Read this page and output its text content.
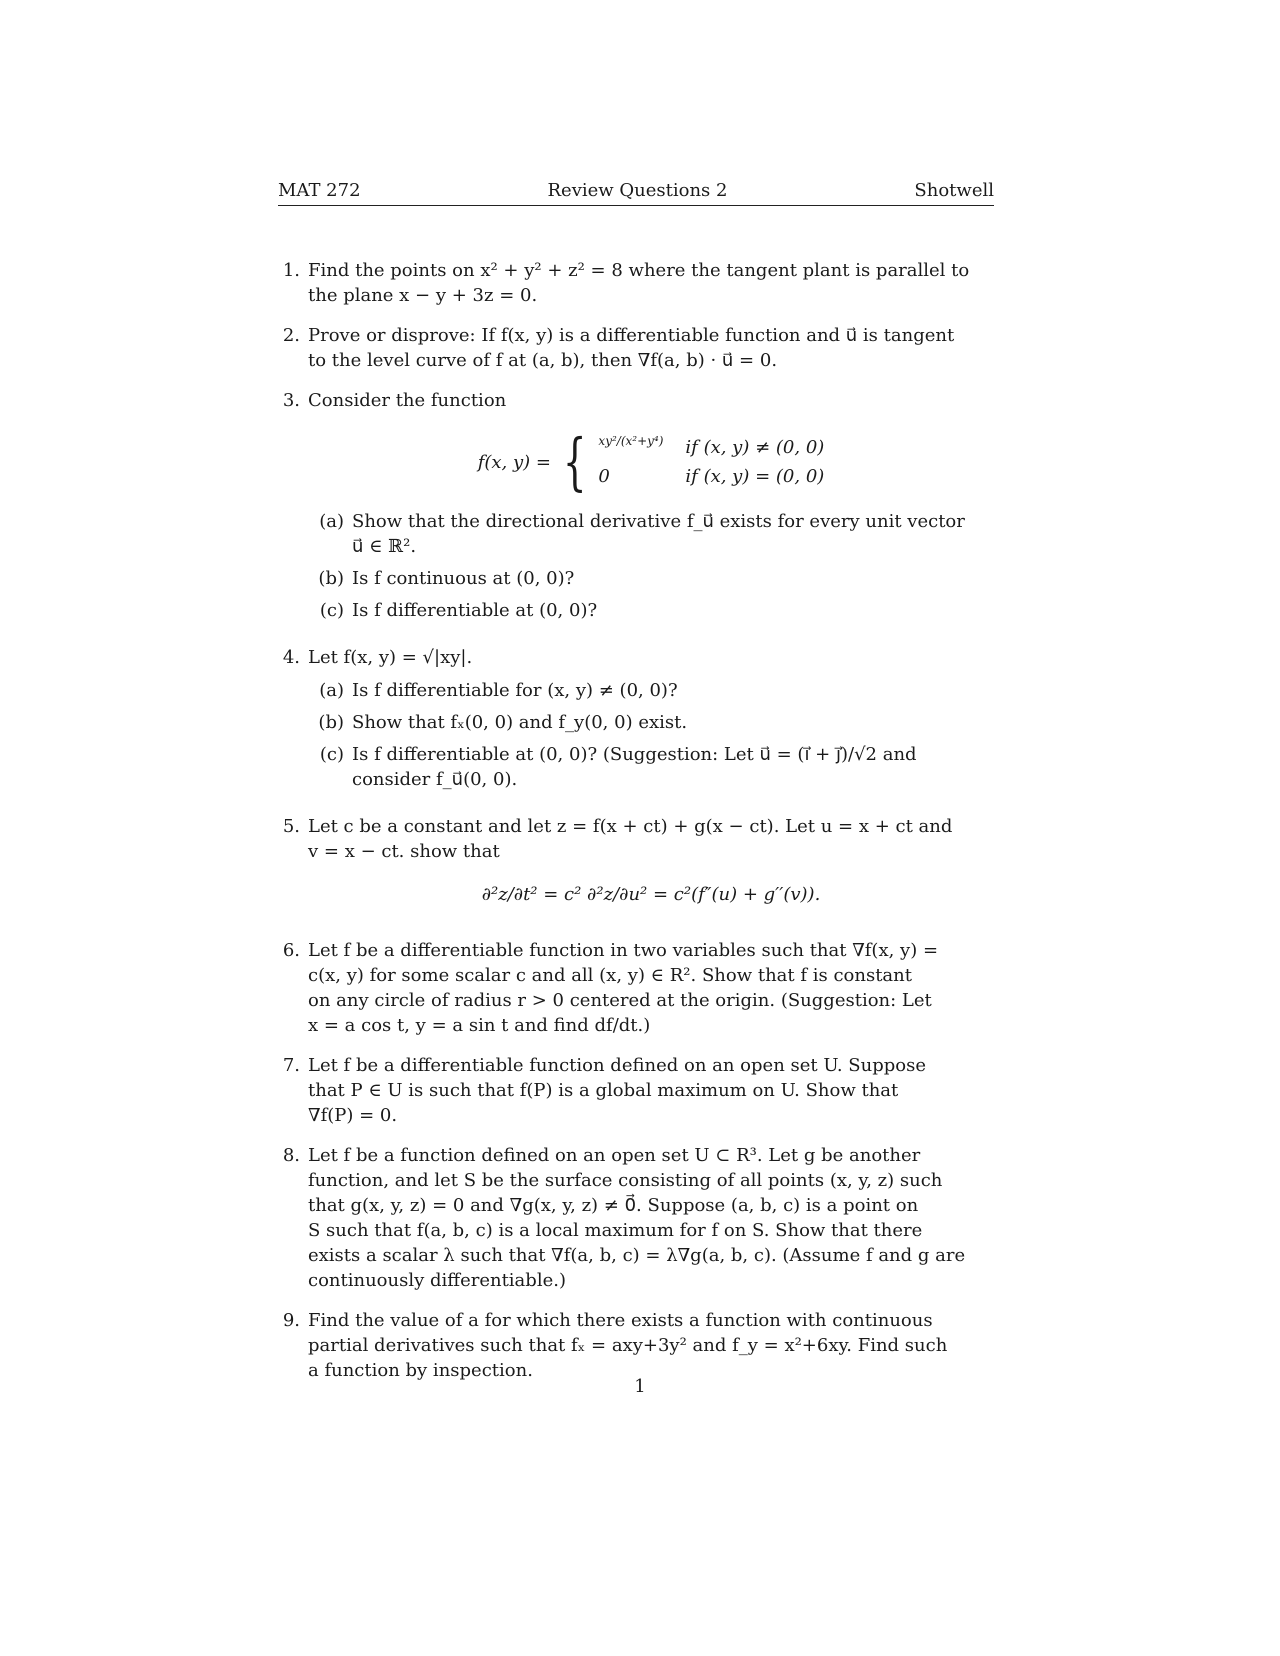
MAT 272	Review Questions 2	Shotwell
1. Find the points on x² + y² + z² = 8 where the tangent plant is parallel to
the plane x − y + 3z = 0.
2. Prove or disprove: If f(x, y) is a differentiable function and u⃗ is tangent
to the level curve of f at (a, b), then ∇f(a, b) · u⃗ = 0.
3. Consider the function
f(x, y) = { xy²/(x²+y⁴) if (x, y) ≠ (0, 0)
0	if (x, y) = (0, 0)
(a) Show that the directional derivative f_u⃗ exists for every unit vector
u⃗ ∈ ℝ².
(b) Is f continuous at (0, 0)?
(c) Is f differentiable at (0, 0)?
4. Let f(x, y) = √|xy|.
(a) Is f differentiable for (x, y) ≠ (0, 0)?
(b) Show that fₓ(0, 0) and f_y(0, 0) exist.
(c) Is f differentiable at (0, 0)? (Suggestion: Let u⃗ = (ı⃗ + ȷ⃗)/√2 and
consider f_u⃗(0, 0).
5. Let c be a constant and let z = f(x + ct) + g(x − ct). Let u = x + ct and
v = x − ct. show that
∂²z/∂t² = c² ∂²z/∂u² = c²(f″(u) + g′′(v)).
6. Let f be a differentiable function in two variables such that ∇f(x, y) =
c(x, y) for some scalar c and all (x, y) ∈ R². Show that f is constant
on any circle of radius r > 0 centered at the origin. (Suggestion: Let
x = a cos t, y = a sin t and find df/dt.)
7. Let f be a differentiable function defined on an open set U. Suppose
that P ∈ U is such that f(P) is a global maximum on U. Show that
∇f(P) = 0.
8. Let f be a function defined on an open set U ⊂ R³. Let g be another
function, and let S be the surface consisting of all points (x, y, z) such
that g(x, y, z) = 0 and ∇g(x, y, z) ≠ 0⃗. Suppose (a, b, c) is a point on
S such that f(a, b, c) is a local maximum for f on S. Show that there
exists a scalar λ such that ∇f(a, b, c) = λ∇g(a, b, c). (Assume f and g are
continuously differentiable.)
9. Find the value of a for which there exists a function with continuous
partial derivatives such that fₓ = axy+3y² and f_y = x²+6xy. Find such
a function by inspection.
1
